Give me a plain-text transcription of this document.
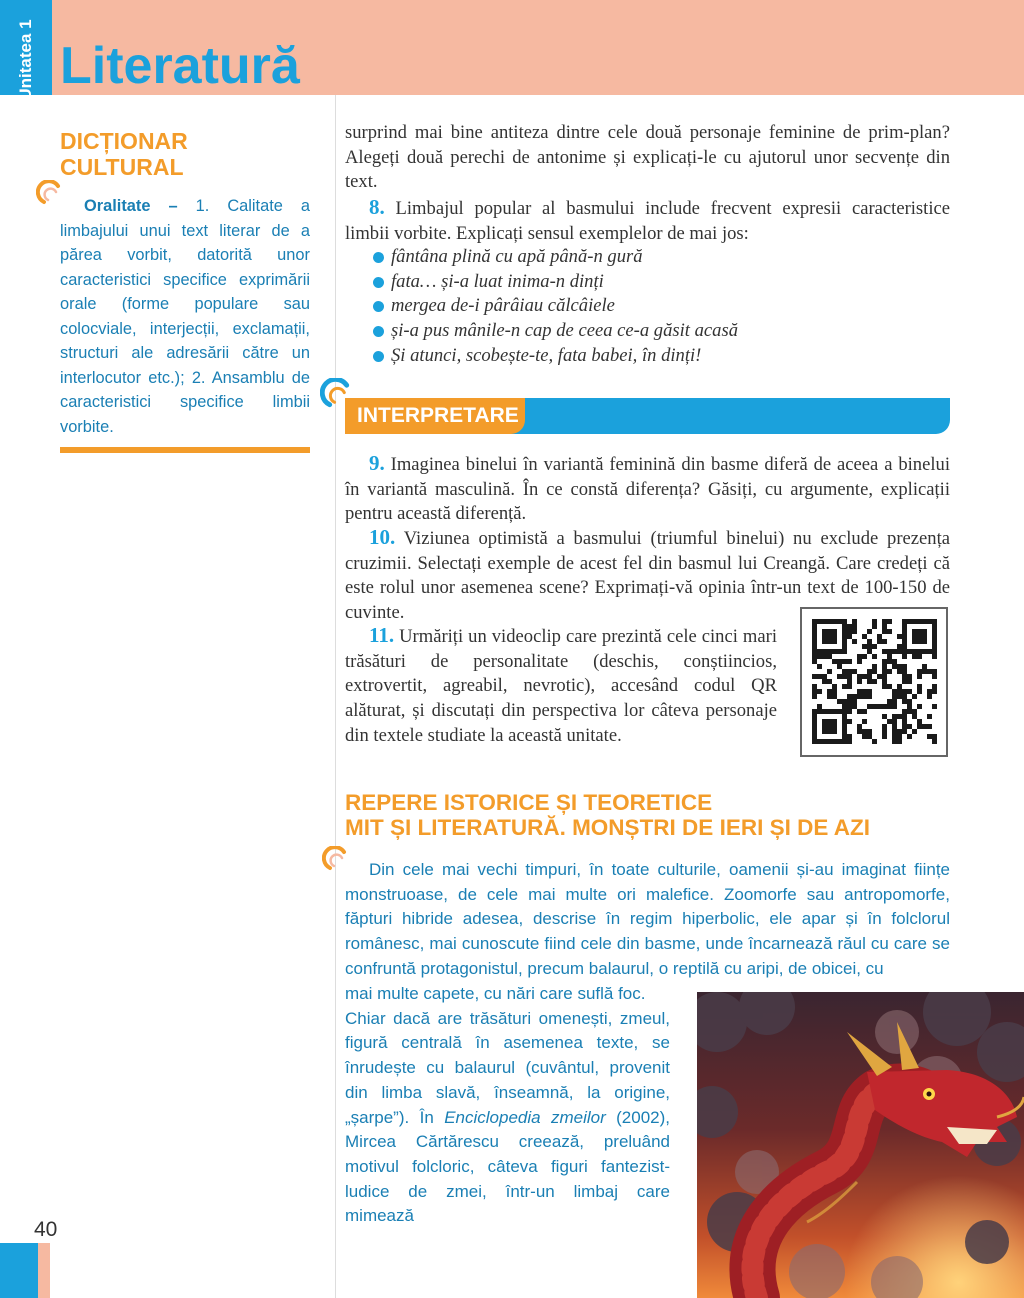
Unitatea 1 Literatură
DICȚIONAR
CULTURAL
Oralitate – 1. Calitate a limbajului unui text literar de a părea vorbit, datorită unor caracteristici specifice exprimării orale (forme populare sau colocviale, interjecții, exclamații, structuri ale adresării către un interlocutor etc.); 2. Ansamblu de caracteristici specifice limbii vorbite.
surprind mai bine antiteza dintre cele două personaje feminine de prim-plan? Alegeți două perechi de antonime și explicați-le cu ajutorul unor secvențe din text.
8. Limbajul popular al basmului include frecvent expresii caracteristice limbii vorbite. Explicați sensul exemplelor de mai jos:
fântâna plină cu apă până-n gură
fata… și-a luat inima-n dinți
mergea de-i pârâiau călcâiele
și-a pus mânile-n cap de ceea ce-a găsit acasă
Și atunci, scobește-te, fata babei, în dinți!
INTERPRETARE
9. Imaginea binelui în variantă feminină din basme diferă de aceea a binelui în variantă masculină. În ce constă diferența? Găsiți, cu argumente, explicații pentru această diferență.
10. Viziunea optimistă a basmului (triumful binelui) nu exclude prezența cruzimii. Selectați exemple de acest fel din basmul lui Creangă. Care credeți că este rolul unor asemenea scene? Exprimați-vă opinia într-un text de 100-150 de cuvinte.
11. Urmăriți un videoclip care prezintă cele cinci mari trăsături de personalitate (deschis, conștiincios, extrovertit, agreabil, nevrotic), accesând codul QR alăturat, și discutați din perspectiva lor câteva personaje din textele studiate la această unitate.
REPERE ISTORICE ȘI TEORETICE
MIT ȘI LITERATURĂ. MONȘTRI DE IERI ȘI DE AZI
Din cele mai vechi timpuri, în toate culturile, oamenii și-au imaginat ființe monstruoase, de cele mai multe ori malefice. Zoomorfe sau antropomorfe, făpturi hibride adesea, descrise în regim hiperbolic, ele apar și în folclorul românesc, mai cunoscute fiind cele din basme, unde încarnează răul cu care se confruntă protagonistul, precum balaurul, o reptilă cu aripi, de obicei, cu
mai multe capete, cu nări care suflă foc.
Chiar dacă are trăsături omenești, zmeul, figură centrală în asemenea texte, se înrudește cu balaurul (cuvântul, provenit din limba slavă, înseamnă, la origine, „șarpe”). În Enciclopedia zmeilor (2002), Mircea Cărtărescu creează, preluând motivul folcloric, câteva figuri fantezist-ludice de zmei, într-un limbaj care mimează
40
